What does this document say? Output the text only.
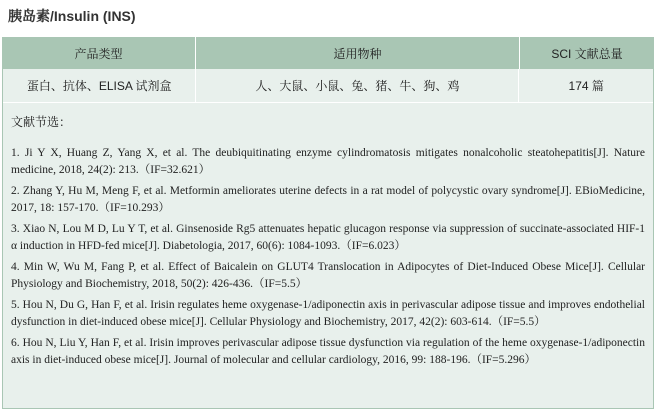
胰岛素/Insulin (INS)
产品类型	适用物种	SCI 文献总量
蛋白、抗体、ELISA 试剂盒	人、大鼠、小鼠、兔、猪、牛、狗、鸡	174 篇
文献节选：

1. Ji Y X, Huang Z, Yang X, et al. The deubiquitinating enzyme cylindromatosis mitigates nonalcoholic steatohepatitis[J]. Nature medicine, 2018, 24(2): 213.（IF=32.621）

2. Zhang Y, Hu M, Meng F, et al. Metformin ameliorates uterine defects in a rat model of polycystic ovary syndrome[J]. EBioMedicine, 2017, 18: 157-170.（IF=10.293）

3. Xiao N, Lou M D, Lu Y T, et al. Ginsenoside Rg5 attenuates hepatic glucagon response via suppression of succinate-associated HIF-1 α induction in HFD-fed mice[J]. Diabetologia, 2017, 60(6): 1084-1093.（IF=6.023）

4. Min W, Wu M, Fang P, et al. Effect of Baicalein on GLUT4 Translocation in Adipocytes of Diet-Induced Obese Mice[J]. Cellular Physiology and Biochemistry, 2018, 50(2): 426-436.（IF=5.5）

5. Hou N, Du G, Han F, et al. Irisin regulates heme oxygenase-1/adiponectin axis in perivascular adipose tissue and improves endothelial dysfunction in diet-induced obese mice[J]. Cellular Physiology and Biochemistry, 2017, 42(2): 603-614.（IF=5.5）

6. Hou N, Liu Y, Han F, et al. Irisin improves perivascular adipose tissue dysfunction via regulation of the heme oxygenase-1/adiponectin axis in diet-induced obese mice[J]. Journal of molecular and cellular cardiology, 2016, 99: 188-196.（IF=5.296）
